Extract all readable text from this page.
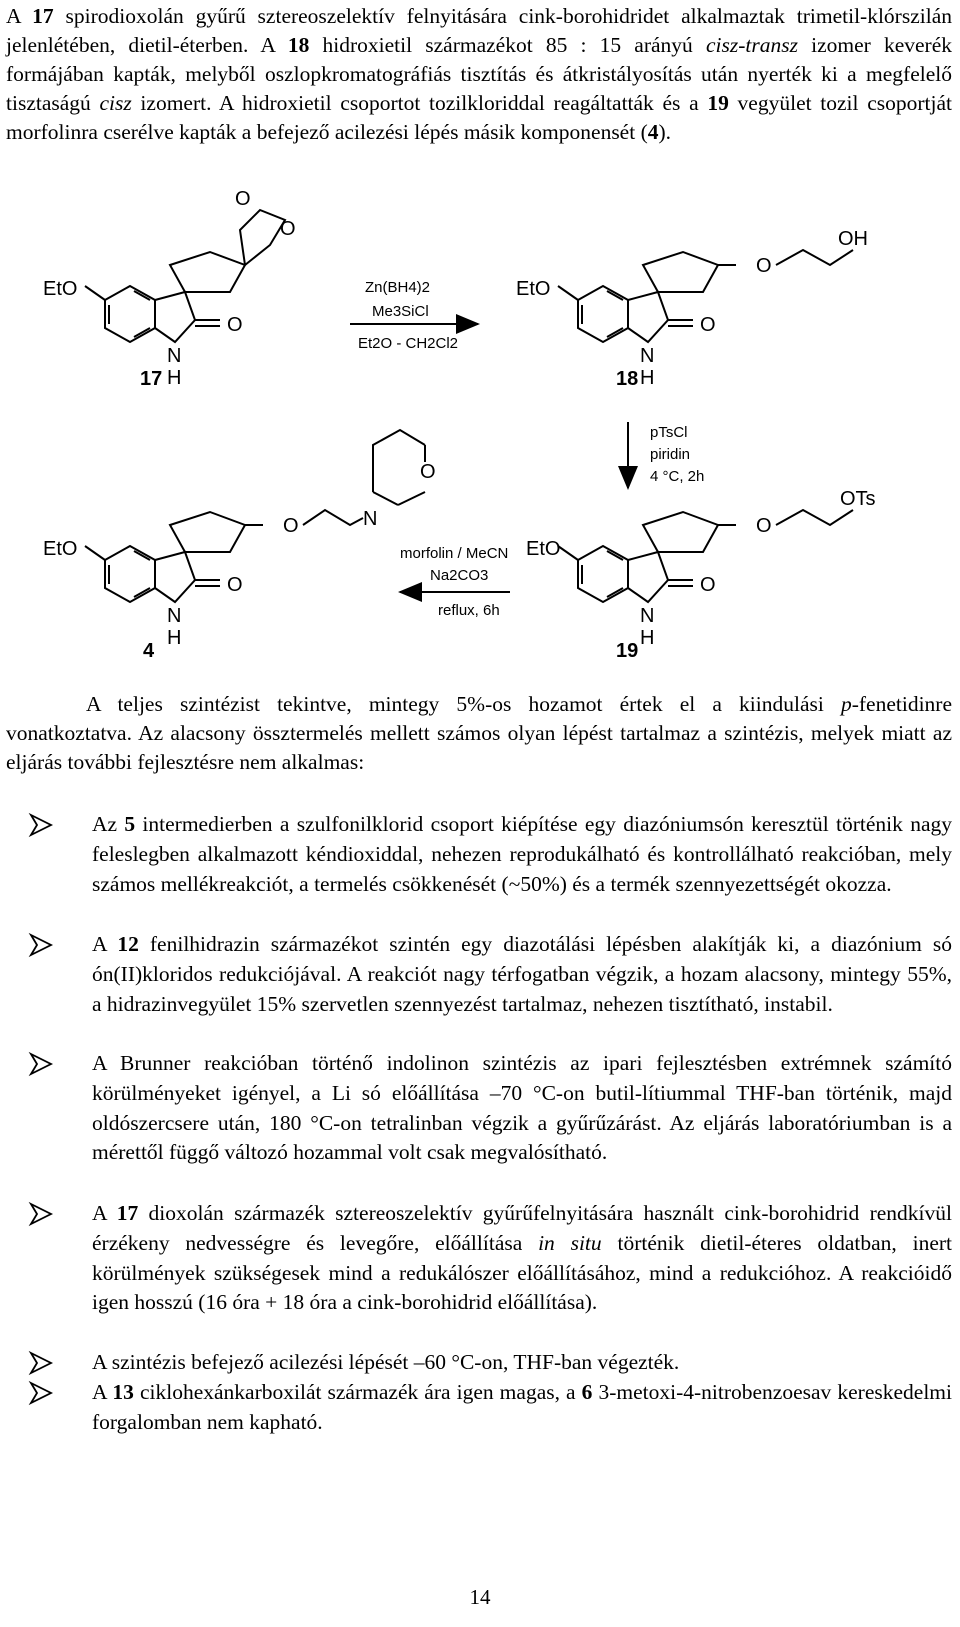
A 17 spirodioxolán gyűrű sztereoszelektív felnyitására cink-borohidridet alkalmaztak trimetil-klórszilán jelenlétében, dietil-éterben. A 18 hidroxietil származékot 85 : 15 arányú cisz-transz izomer keverék formájában kapták, melyből oszlopkromatográfiás tisztítás és átkristályosítás után nyerték ki a megfelelő tisztaságú cisz izomert. A hidroxietil csoportot tozilkloriddal reagáltatták és a 19 vegyület tozil csoportját morfolinra cserélve kapták a befejező acilezési lépés másik komponensét (4).

EtO
O
N
H
O
O
17
Zn(BH4)2
Me3SiCl
Et2O - CH2Cl2
EtO
O
N
H
O
OH
18
pTsCl
piridin
4 °C, 2h
EtO
O
N
H
O
OTs
19
morfolin / MeCN
Na2CO3
reflux, 6h
EtO
O
N
H
O	N
O
4

A teljes szintézist tekintve, mintegy 5%-os hozamot értek el a kiindulási p-fenetidinre vonatkoztatva. Az alacsony össztermelés mellett számos olyan lépést tartalmaz a szintézis, melyek miatt az eljárás további fejlesztésre nem alkalmas:

Az 5 intermedierben a szulfonilklorid csoport kiépítése egy diazóniumsón keresztül történik nagy feleslegben alkalmazott kéndioxiddal, nehezen reprodukálható és kontrollálható reakcióban, mely számos mellékreakciót, a termelés csökkenését (~50%) és a termék szennyezettségét okozza.

A 12 fenilhidrazin származékot szintén egy diazotálási lépésben alakítják ki, a diazónium só ón(II)kloridos redukciójával. A reakciót nagy térfogatban végzik, a hozam alacsony, mintegy 55%, a hidrazinvegyület 15% szervetlen szennyezést tartalmaz, nehezen tisztítható, instabil.

A Brunner reakcióban történő indolinon szintézis az ipari fejlesztésben extrémnek számító körülményeket igényel, a Li só előállítása –70 °C-on butil-lítiummal THF-ban történik, majd oldószercsere után, 180 °C-on tetralinban végzik a gyűrűzárást. Az eljárás laboratóriumban is a mérettől függő változó hozammal volt csak megvalósítható.

A 17 dioxolán származék sztereoszelektív gyűrűfelnyitására használt cink-borohidrid rendkívül érzékeny nedvességre és levegőre, előállítása in situ történik dietil-éteres oldatban, inert körülmények szükségesek mind a redukálószer előállításához, mind a redukcióhoz. A reakcióidő igen hosszú (16 óra + 18 óra a cink-borohidrid előállítása).

A szintézis befejező acilezési lépését –60 °C-on, THF-ban végezték.

A 13 ciklohexánkarboxilát származék ára igen magas, a 6 3-metoxi-4-nitrobenzoesav kereskedelmi forgalomban nem kapható.

14
